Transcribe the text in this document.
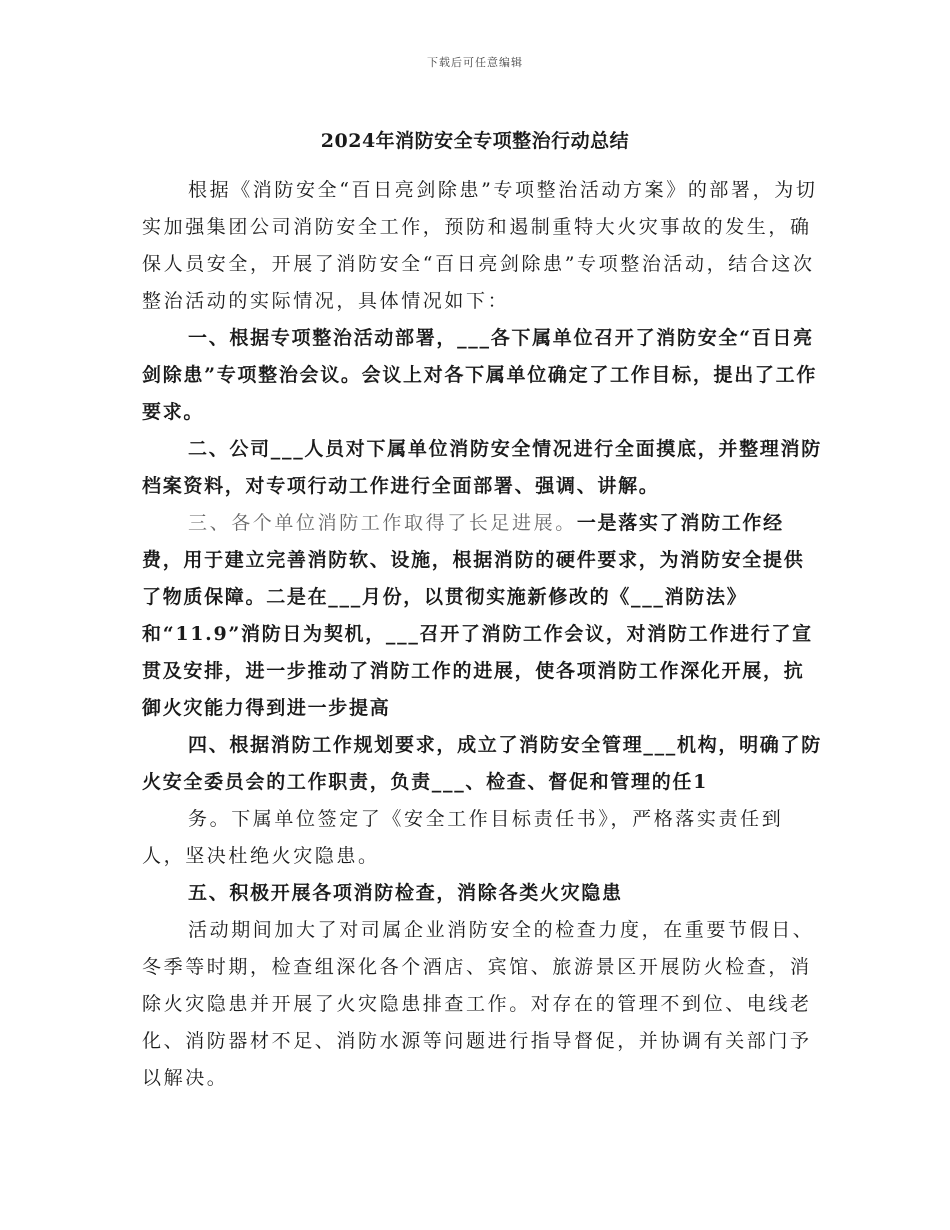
下载后可任意编辑
2024年消防安全专项整治行动总结

根据《消防安全“百日亮剑除患”专项整治活动方案》的部署，为切实加强集团公司消防安全工作，预防和遏制重特大火灾事故的发生，确保人员安全，开展了消防安全“百日亮剑除患”专项整治活动，结合这次整治活动的实际情况，具体情况如下：

一、根据专项整治活动部署，___各下属单位召开了消防安全“百日亮剑除患”专项整治会议。会议上对各下属单位确定了工作目标，提出了工作要求。

二、公司___人员对下属单位消防安全情况进行全面摸底，并整理消防档案资料，对专项行动工作进行全面部署、强调、讲解。

三、各个单位消防工作取得了长足进展。一是落实了消防工作经费，用于建立完善消防软、设施，根据消防的硬件要求，为消防安全提供了物质保障。二是在___月份，以贯彻实施新修改的《___消防法》和“11.9”消防日为契机，___召开了消防工作会议，对消防工作进行了宣贯及安排，进一步推动了消防工作的进展，使各项消防工作深化开展，抗御火灾能力得到进一步提高

四、根据消防工作规划要求，成立了消防安全管理___机构，明确了防火安全委员会的工作职责，负责___、检查、督促和管理的任1

务。下属单位签定了《安全工作目标责任书》，严格落实责任到人，坚决杜绝火灾隐患。

五、积极开展各项消防检查，消除各类火灾隐患

活动期间加大了对司属企业消防安全的检查力度，在重要节假日、冬季等时期，检查组深化各个酒店、宾馆、旅游景区开展防火检查，消除火灾隐患并开展了火灾隐患排查工作。对存在的管理不到位、电线老化、消防器材不足、消防水源等问题进行指导督促，并协调有关部门予以解决。
